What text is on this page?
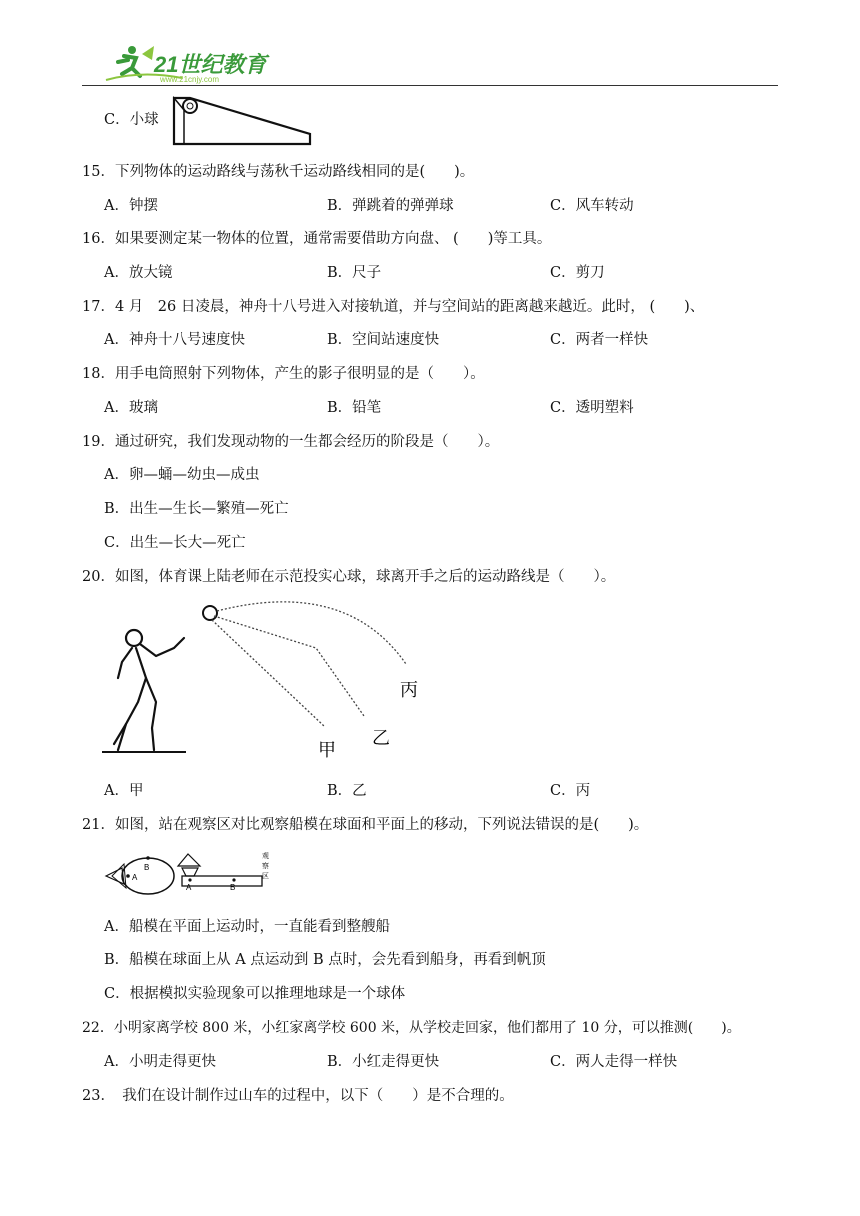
21世纪教育
www.21cnjy.com
C．小球
15．下列物体的运动路线与荡秋千运动路线相同的是(　　)。
A．钟摆	B．弹跳着的弹弹球	C．风车转动
16．如果要测定某一物体的位置，通常需要借助方向盘、 (　　)等工具。
A．放大镜	B．尺子	C．剪刀
17．4 月　26 日凌晨，神舟十八号进入对接轨道，并与空间站的距离越来越近。此时， (　　)、
A．神舟十八号速度快	B．空间站速度快	C．两者一样快
18．用手电筒照射下列物体，产生的影子很明显的是（　　）。
A．玻璃	B．铅笔	C．透明塑料
19．通过研究，我们发现动物的一生都会经历的阶段是（　　）。
A．卵—蛹—幼虫—成虫
B．出生—生长—繁殖—死亡
C．出生—长大—死亡
20．如图，体育课上陆老师在示范投实心球，球离开手之后的运动路线是（　　）。
甲
乙
丙
A．甲	B．乙	C．丙
21．如图，站在观察区对比观察船模在球面和平面上的移动，下列说法错误的是(　　)。
A
B
A	B
观
察
区
A．船模在平面上运动时，一直能看到整艘船
B．船模在球面上从 A 点运动到 B 点时，会先看到船身，再看到帆顶
C．根据模拟实验现象可以推理地球是一个球体
22．小明家离学校 800 米，小红家离学校 600 米，从学校走回家，他们都用了 10 分，可以推测(　　)。
A．小明走得更快	B．小红走得更快	C．两人走得一样快
23．　我们在设计制作过山车的过程中，以下（　　）是不合理的。
